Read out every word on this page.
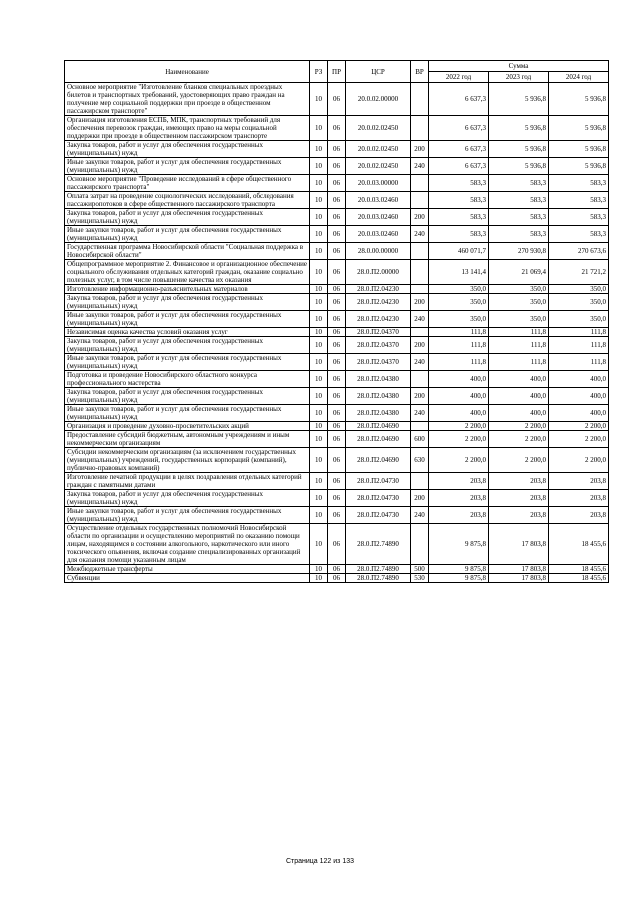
Наименование	РЗ	ПР	ЦСР	ВР	Сумма		
					2022 год	2023 год	2024 год
Основное мероприятие "Изготовление бланков специальных проездных билетов и транспортных требований, удостоверяющих право граждан на получение мер социальной поддержки при проезде в общественном пассажирском транспорте"	10	06	20.0.02.00000		6 637,3	5 936,8	5 936,8
Организация изготовления ЕСПБ, МПК, транспортных требований для обеспечения перевозок граждан, имеющих право на меры социальной поддержки при проезде в общественном пассажирском транспорте	10	06	20.0.02.02450		6 637,3	5 936,8	5 936,8
Закупка товаров, работ и услуг для обеспечения государственных (муниципальных) нужд	10	06	20.0.02.02450	200	6 637,3	5 936,8	5 936,8
Иные закупки товаров, работ и услуг для обеспечения государственных (муниципальных) нужд	10	06	20.0.02.02450	240	6 637,3	5 936,8	5 936,8
Основное мероприятие "Проведение исследований в сфере общественного пассажирского транспорта"	10	06	20.0.03.00000		583,3	583,3	583,3
Оплата затрат на проведение социологических исследований, обследования пассажиропотоков в сфере общественного пассажирского транспорта	10	06	20.0.03.02460		583,3	583,3	583,3
Закупка товаров, работ и услуг для обеспечения государственных (муниципальных) нужд	10	06	20.0.03.02460	200	583,3	583,3	583,3
Иные закупки товаров, работ и услуг для обеспечения государственных (муниципальных) нужд	10	06	20.0.03.02460	240	583,3	583,3	583,3
Государственная программа Новосибирской области "Социальная поддержка в Новосибирской области"	10	06	28.0.00.00000		460 071,7	270 930,8	270 673,6
Общепрограммное мероприятие 2. Финансовое и организационное обеспечение социального обслуживания отдельных категорий граждан, оказание социально полезных услуг, в том числе повышение качества их оказания	10	06	28.0.П2.00000		13 141,4	21 069,4	21 721,2
Изготовление информационно-разъяснительных материалов	10	06	28.0.П2.04230		350,0	350,0	350,0
Закупка товаров, работ и услуг для обеспечения государственных (муниципальных) нужд	10	06	28.0.П2.04230	200	350,0	350,0	350,0
Иные закупки товаров, работ и услуг для обеспечения государственных (муниципальных) нужд	10	06	28.0.П2.04230	240	350,0	350,0	350,0
Независимая оценка качества условий оказания услуг	10	06	28.0.П2.04370		111,8	111,8	111,8
Закупка товаров, работ и услуг для обеспечения государственных (муниципальных) нужд	10	06	28.0.П2.04370	200	111,8	111,8	111,8
Иные закупки товаров, работ и услуг для обеспечения государственных (муниципальных) нужд	10	06	28.0.П2.04370	240	111,8	111,8	111,8
Подготовка и проведение Новосибирского областного конкурса профессионального мастерства	10	06	28.0.П2.04380		400,0	400,0	400,0
Закупка товаров, работ и услуг для обеспечения государственных (муниципальных) нужд	10	06	28.0.П2.04380	200	400,0	400,0	400,0
Иные закупки товаров, работ и услуг для обеспечения государственных (муниципальных) нужд	10	06	28.0.П2.04380	240	400,0	400,0	400,0
Организация и проведение духовно-просветительских акций	10	06	28.0.П2.04690		2 200,0	2 200,0	2 200,0
Предоставление субсидий бюджетным, автономным учреждениям и иным некоммерческим организациям	10	06	28.0.П2.04690	600	2 200,0	2 200,0	2 200,0
Субсидии некоммерческим организациям (за исключением государственных (муниципальных) учреждений, государственных корпораций (компаний), публично-правовых компаний)	10	06	28.0.П2.04690	630	2 200,0	2 200,0	2 200,0
Изготовление печатной продукции в целях поздравления отдельных категорий граждан с памятными датами	10	06	28.0.П2.04730		203,8	203,8	203,8
Закупка товаров, работ и услуг для обеспечения государственных (муниципальных) нужд	10	06	28.0.П2.04730	200	203,8	203,8	203,8
Иные закупки товаров, работ и услуг для обеспечения государственных (муниципальных) нужд	10	06	28.0.П2.04730	240	203,8	203,8	203,8
Осуществление отдельных государственных полномочий Новосибирской области по организации и осуществлению мероприятий по оказанию помощи лицам, находящимся в состоянии алкогольного, наркотического или иного токсического опьянения, включая создание специализированных организаций для оказания помощи указанным лицам	10	06	28.0.П2.74890		9 875,8	17 803,8	18 455,6
Межбюджетные трансферты	10	06	28.0.П2.74890	500	9 875,8	17 803,8	18 455,6
Субвенции	10	06	28.0.П2.74890	530	9 875,8	17 803,8	18 455,6
Страница 122 из 133
